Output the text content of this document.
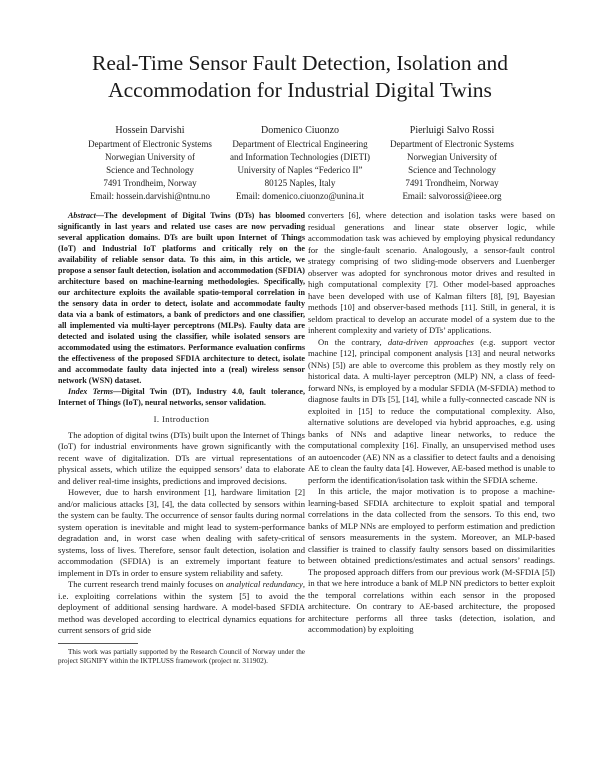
Real-Time Sensor Fault Detection, Isolation and Accommodation for Industrial Digital Twins
Hossein Darvishi
Department of Electronic Systems
Norwegian University of
Science and Technology
7491 Trondheim, Norway
Email: hossein.darvishi@ntnu.no
Domenico Ciuonzo
Department of Electrical Engineering
and Information Technologies (DIETI)
University of Naples “Federico II”
80125 Naples, Italy
Email: domenico.ciuonzo@unina.it
Pierluigi Salvo Rossi
Department of Electronic Systems
Norwegian University of
Science and Technology
7491 Trondheim, Norway
Email: salvorossi@ieee.org

Abstract—The development of Digital Twins (DTs) has bloomed significantly in last years and related use cases are now pervading several application domains. DTs are built upon Internet of Things (IoT) and Industrial IoT platforms and critically rely on the availability of reliable sensor data. To this aim, in this article, we propose a sensor fault detection, isolation and accommodation (SFDIA) architecture based on machine-learning methodologies. Specifically, our architecture exploits the available spatio-temporal correlation in the sensory data in order to detect, isolate and accommodate faulty data via a bank of estimators, a bank of predictors and one classifier, all implemented via multi-layer perceptrons (MLPs). Faulty data are detected and isolated using the classifier, while isolated sensors are accommodated using the estimators. Performance evaluation confirms the effectiveness of the proposed SFDIA architecture to detect, isolate and accommodate faulty data injected into a (real) wireless sensor network (WSN) dataset.

Index Terms—Digital Twin (DT), Industry 4.0, fault tolerance, Internet of Things (IoT), neural networks, sensor validation.

I. Introduction

The adoption of digital twins (DTs) built upon the Internet of Things (IoT) for industrial environments have grown significantly with the recent wave of digitalization. DTs are virtual representations of physical assets, which utilize the equipped sensors’ data to elaborate and deliver real-time insights, predictions and improved decisions.

However, due to harsh environment [1], hardware limitation [2] and/or malicious attacks [3], [4], the data collected by sensors within the system can be faulty. The occurrence of sensor faults during normal system operation is inevitable and might lead to system-performance degradation and, in worst case when dealing with safety-critical systems, loss of lives. Therefore, sensor fault detection, isolation and accommodation (SFDIA) is an extremely important feature to implement in DTs in order to ensure system reliability and safety.

The current research trend mainly focuses on analytical redundancy, i.e. exploiting correlations within the system [5] to avoid the deployment of additional sensing hardware. A model-based SFDIA method was developed according to electrical dynamics equations for current sensors of grid side

This work was partially supported by the Research Council of Norway under the project SIGNIFY within the IKTPLUSS framework (project nr. 311902).

converters [6], where detection and isolation tasks were based on residual generations and linear state observer logic, while accommodation task was achieved by employing physical redundancy for the single-fault scenario. Analogously, a sensor-fault control strategy comprising of two sliding-mode observers and Luenberger observer was adopted for synchronous motor drives and resulted in high computational complexity [7]. Other model-based approaches have been developed with use of Kalman filters [8], [9], Bayesian methods [10] and observer-based methods [11]. Still, in general, it is seldom practical to develop an accurate model of a system due to the inherent complexity and variety of DTs’ applications.

On the contrary, data-driven approaches (e.g. support vector machine [12], principal component analysis [13] and neural networks (NNs) [5]) are able to overcome this problem as they mostly rely on historical data. A multi-layer perceptron (MLP) NN, a class of feed-forward NNs, is employed by a modular SFDIA (M-SFDIA) method to diagnose faults in DTs [5], [14], while a fully-connected cascade NN is exploited in [15] to reduce the computational complexity. Also, alternative solutions are developed via hybrid approaches, e.g. using banks of NNs and adaptive linear networks, to reduce the computational complexity [16]. Finally, an unsupervised method uses an autoencoder (AE) NN as a classifier to detect faults and a denoising AE to clean the faulty data [4]. However, AE-based method is unable to perform the identification/isolation task within the SFDIA scheme.

In this article, the major motivation is to propose a machine-learning-based SFDIA architecture to exploit spatial and temporal correlations in the data collected from the sensors. To this end, two banks of MLP NNs are employed to perform estimation and prediction of sensors measurements in the system. Moreover, an MLP-based classifier is trained to classify faulty sensors based on dissimilarities between obtained predictions/estimates and actual sensors’ readings. The proposed approach differs from our previous work (M-SFDIA [5]) in that we here introduce a bank of MLP NN predictors to better exploit the temporal correlations within each sensor in the proposed architecture. On contrary to AE-based architecture, the proposed architecture performs all three tasks (detection, isolation, and accommodation) by exploiting
